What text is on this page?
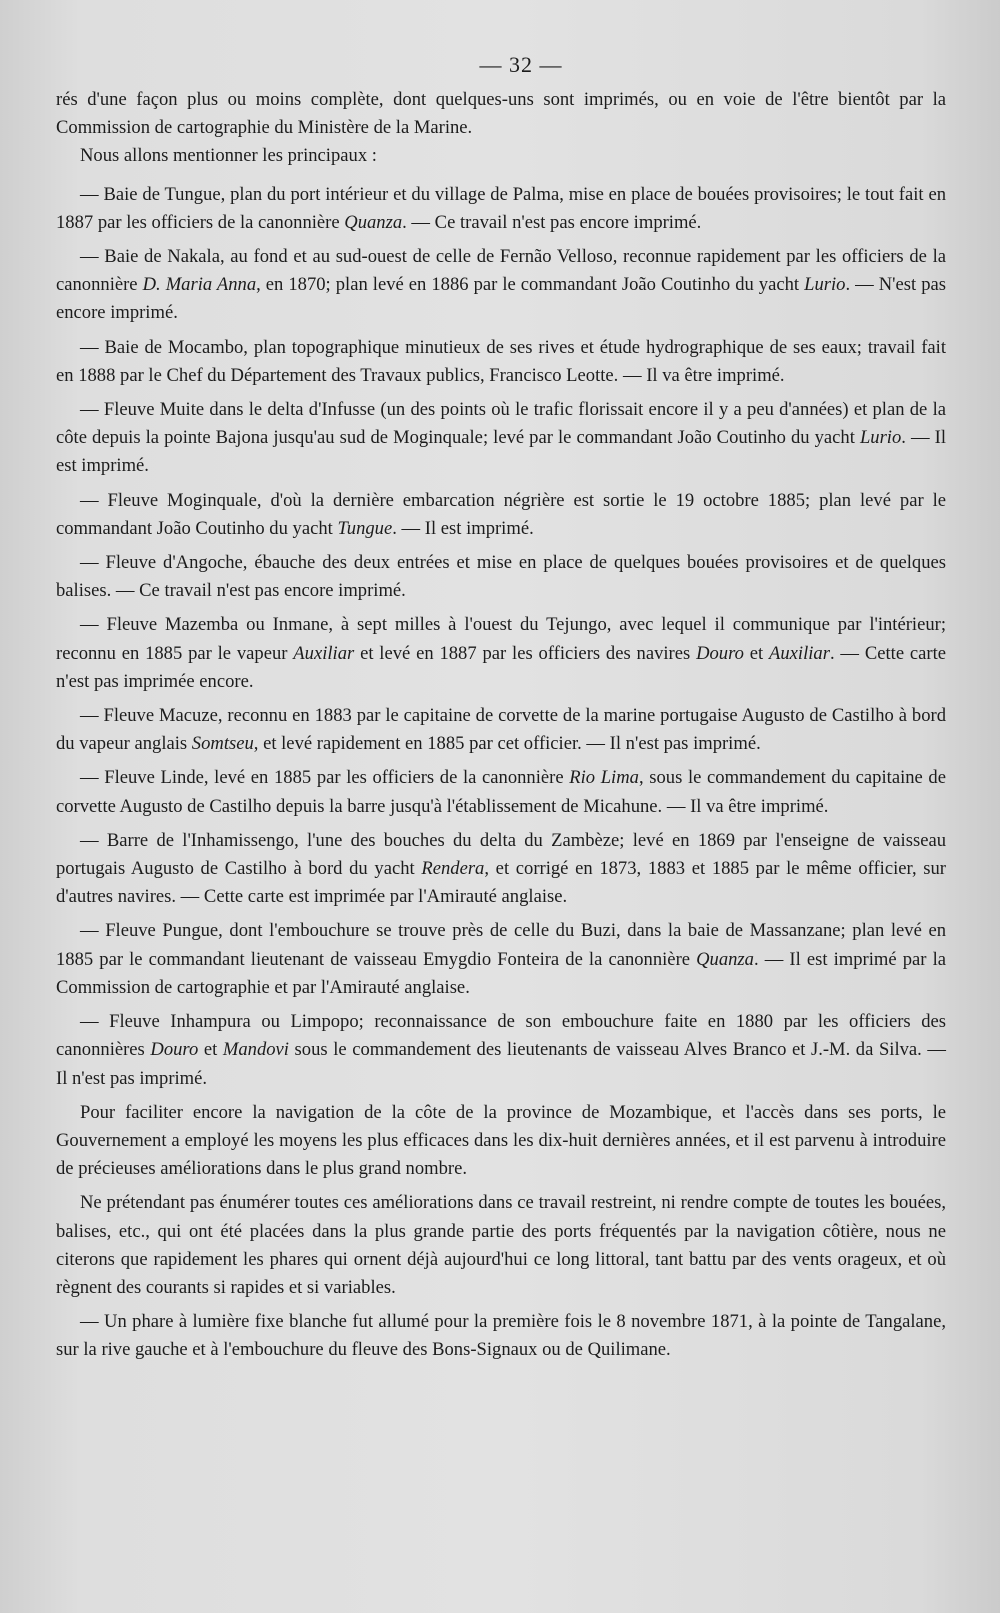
— 32 —

rés d'une façon plus ou moins complète, dont quelques-uns sont imprimés, ou en voie de l'être bientôt par la Commission de cartographie du Ministère de la Marine.

Nous allons mentionner les principaux :

— Baie de Tungue, plan du port intérieur et du village de Palma, mise en place de bouées provisoires; le tout fait en 1887 par les officiers de la canonnière Quanza. — Ce travail n'est pas encore imprimé.

— Baie de Nakala, au fond et au sud-ouest de celle de Fernão Velloso, reconnue rapidement par les officiers de la canonnière D. Maria Anna, en 1870; plan levé en 1886 par le commandant João Coutinho du yacht Lurio. — N'est pas encore imprimé.

— Baie de Mocambo, plan topographique minutieux de ses rives et étude hydrographique de ses eaux; travail fait en 1888 par le Chef du Département des Travaux publics, Francisco Leotte. — Il va être imprimé.

— Fleuve Muite dans le delta d'Infusse (un des points où le trafic florissait encore il y a peu d'années) et plan de la côte depuis la pointe Bajona jusqu'au sud de Moginquale; levé par le commandant João Coutinho du yacht Lurio. — Il est imprimé.

— Fleuve Moginquale, d'où la dernière embarcation négrière est sortie le 19 octobre 1885; plan levé par le commandant João Coutinho du yacht Tungue. — Il est imprimé.

— Fleuve d'Angoche, ébauche des deux entrées et mise en place de quelques bouées provisoires et de quelques balises. — Ce travail n'est pas encore imprimé.

— Fleuve Mazemba ou Inmane, à sept milles à l'ouest du Tejungo, avec lequel il communique par l'intérieur; reconnu en 1885 par le vapeur Auxiliar et levé en 1887 par les officiers des navires Douro et Auxiliar. — Cette carte n'est pas imprimée encore.

— Fleuve Macuze, reconnu en 1883 par le capitaine de corvette de la marine portugaise Augusto de Castilho à bord du vapeur anglais Somtseu, et levé rapidement en 1885 par cet officier. — Il n'est pas imprimé.

— Fleuve Linde, levé en 1885 par les officiers de la canonnière Rio Lima, sous le commandement du capitaine de corvette Augusto de Castilho depuis la barre jusqu'à l'établissement de Micahune. — Il va être imprimé.

— Barre de l'Inhamissengo, l'une des bouches du delta du Zambèze; levé en 1869 par l'enseigne de vaisseau portugais Augusto de Castilho à bord du yacht Rendera, et corrigé en 1873, 1883 et 1885 par le même officier, sur d'autres navires. — Cette carte est imprimée par l'Amirauté anglaise.

— Fleuve Pungue, dont l'embouchure se trouve près de celle du Buzi, dans la baie de Massanzane; plan levé en 1885 par le commandant lieutenant de vaisseau Emygdio Fonteira de la canonnière Quanza. — Il est imprimé par la Commission de cartographie et par l'Amirauté anglaise.

— Fleuve Inhampura ou Limpopo; reconnaissance de son embouchure faite en 1880 par les officiers des canonnières Douro et Mandovi sous le commandement des lieutenants de vaisseau Alves Branco et J.-M. da Silva. — Il n'est pas imprimé.

Pour faciliter encore la navigation de la côte de la province de Mozambique, et l'accès dans ses ports, le Gouvernement a employé les moyens les plus efficaces dans les dix-huit dernières années, et il est parvenu à introduire de précieuses améliorations dans le plus grand nombre.

Ne prétendant pas énumérer toutes ces améliorations dans ce travail restreint, ni rendre compte de toutes les bouées, balises, etc., qui ont été placées dans la plus grande partie des ports fréquentés par la navigation côtière, nous ne citerons que rapidement les phares qui ornent déjà aujourd'hui ce long littoral, tant battu par des vents orageux, et où règnent des courants si rapides et si variables.

— Un phare à lumière fixe blanche fut allumé pour la première fois le 8 novembre 1871, à la pointe de Tangalane, sur la rive gauche et à l'embouchure du fleuve des Bons-Signaux ou de Quilimane.
